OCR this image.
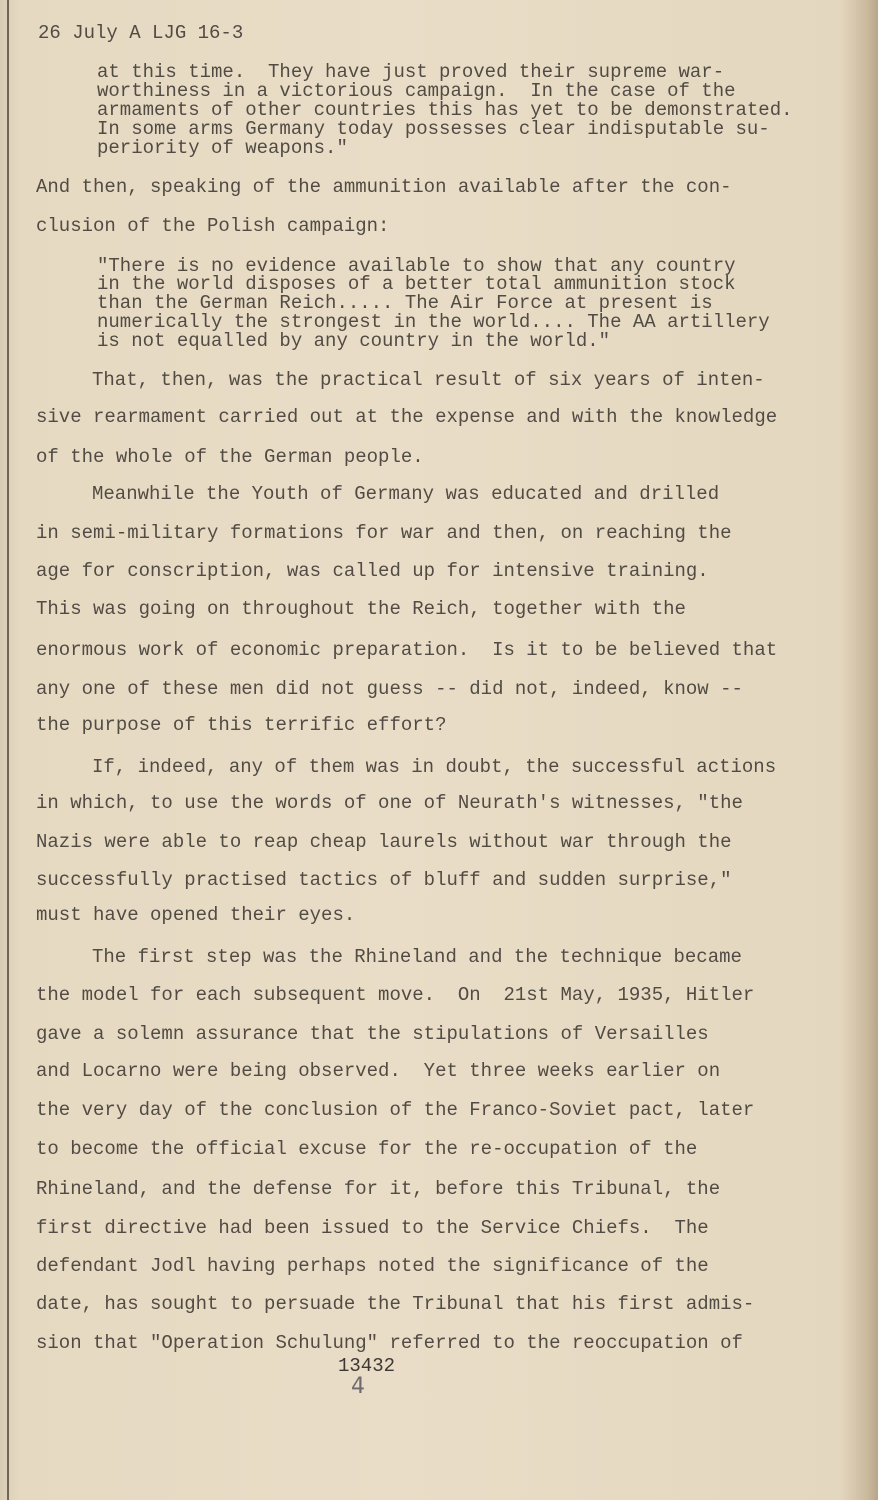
26 July A LJG 16-3
at this time.  They have just proved their supreme war-
worthiness in a victorious campaign.  In the case of the
armaments of other countries this has yet to be demonstrated.
In some arms Germany today possesses clear indisputable su-
periority of weapons."
And then, speaking of the ammunition available after the con-
clusion of the Polish campaign:
"There is no evidence available to show that any country
in the world disposes of a better total ammunition stock
than the German Reich..... The Air Force at present is
numerically the strongest in the world.... The AA artillery
is not equalled by any country in the world."
That, then, was the practical result of six years of inten-
sive rearmament carried out at the expense and with the knowledge
of the whole of the German people.
Meanwhile the Youth of Germany was educated and drilled
in semi-military formations for war and then, on reaching the
age for conscription, was called up for intensive training.
This was going on throughout the Reich, together with the
enormous work of economic preparation.  Is it to be believed that
any one of these men did not guess -- did not, indeed, know --
the purpose of this terrific effort?
If, indeed, any of them was in doubt, the successful actions
in which, to use the words of one of Neurath's witnesses, "the
Nazis were able to reap cheap laurels without war through the
successfully practised tactics of bluff and sudden surprise,"
must have opened their eyes.
The first step was the Rhineland and the technique became
the model for each subsequent move.  On  21st May, 1935, Hitler
gave a solemn assurance that the stipulations of Versailles
and Locarno were being observed.  Yet three weeks earlier on
the very day of the conclusion of the Franco-Soviet pact, later
to become the official excuse for the re-occupation of the
Rhineland, and the defense for it, before this Tribunal, the
first directive had been issued to the Service Chiefs.  The
defendant Jodl having perhaps noted the significance of the
date, has sought to persuade the Tribunal that his first admis-
sion that "Operation Schulung" referred to the reoccupation of
13432
4
